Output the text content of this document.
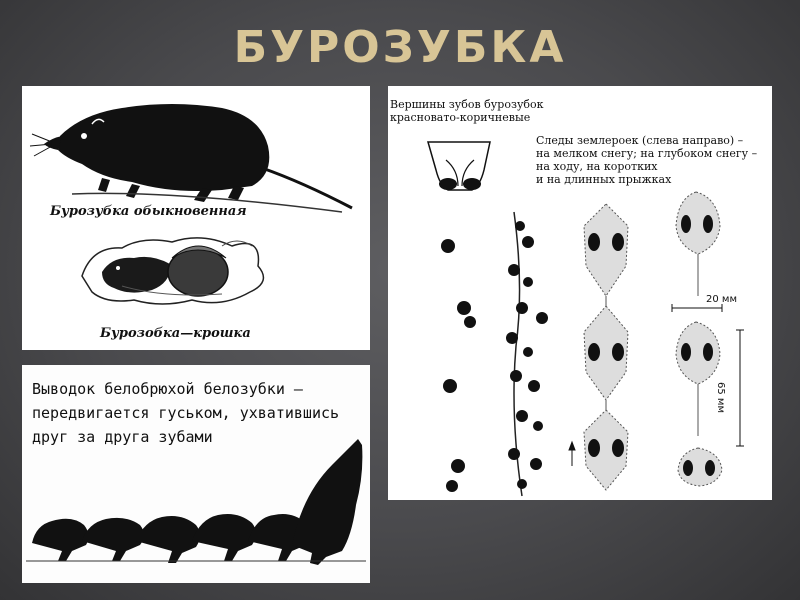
БУРОЗУБКА
Бурозубка обыкновенная
Бурозобка—крошка
Выводок белобрюхой белозубки –
передвигается гуськом, ухватившись
друг за друга зубами
Вершины зубов бурозубок
красновато-коричневые
Следы землероек (слева направо) –
на мелком снегу; на глубоком снегу –
на ходу, на коротких
и на длинных прыжках
20 мм
65 мм
